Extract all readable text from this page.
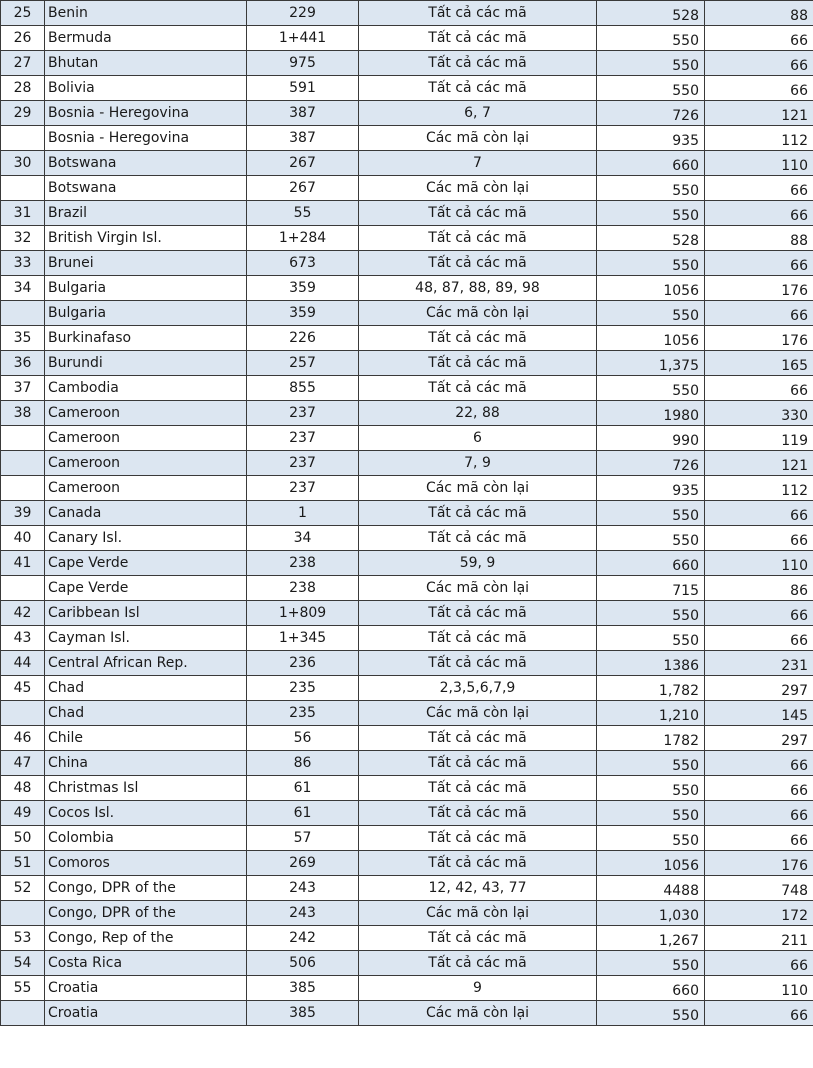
25	Benin	229	Tất cả các mã	528	88
26	Bermuda	1+441	Tất cả các mã	550	66
27	Bhutan	975	Tất cả các mã	550	66
28	Bolivia	591	Tất cả các mã	550	66
29	Bosnia - Heregovina	387	6, 7	726	121
	Bosnia - Heregovina	387	Các mã còn lại	935	112
30	Botswana	267	7	660	110
	Botswana	267	Các mã còn lại	550	66
31	Brazil	55	Tất cả các mã	550	66
32	British Virgin Isl.	1+284	Tất cả các mã	528	88
33	Brunei	673	Tất cả các mã	550	66
34	Bulgaria	359	48, 87, 88, 89, 98	1056	176
	Bulgaria	359	Các mã còn lại	550	66
35	Burkinafaso	226	Tất cả các mã	1056	176
36	Burundi	257	Tất cả các mã	1,375	165
37	Cambodia	855	Tất cả các mã	550	66
38	Cameroon	237	22, 88	1980	330
	Cameroon	237	6	990	119
	Cameroon	237	7, 9	726	121
	Cameroon	237	Các mã còn lại	935	112
39	Canada	1	Tất cả các mã	550	66
40	Canary Isl.	34	Tất cả các mã	550	66
41	Cape Verde	238	59, 9	660	110
	Cape Verde	238	Các mã còn lại	715	86
42	Caribbean Isl	1+809	Tất cả các mã	550	66
43	Cayman Isl.	1+345	Tất cả các mã	550	66
44	Central African Rep.	236	Tất cả các mã	1386	231
45	Chad	235	2,3,5,6,7,9	1,782	297
	Chad	235	Các mã còn lại	1,210	145
46	Chile	56	Tất cả các mã	1782	297
47	China	86	Tất cả các mã	550	66
48	Christmas Isl	61	Tất cả các mã	550	66
49	Cocos Isl.	61	Tất cả các mã	550	66
50	Colombia	57	Tất cả các mã	550	66
51	Comoros	269	Tất cả các mã	1056	176
52	Congo, DPR of the	243	12, 42, 43, 77	4488	748
	Congo, DPR of the	243	Các mã còn lại	1,030	172
53	Congo, Rep of the	242	Tất cả các mã	1,267	211
54	Costa Rica	506	Tất cả các mã	550	66
55	Croatia	385	9	660	110
	Croatia	385	Các mã còn lại	550	66
